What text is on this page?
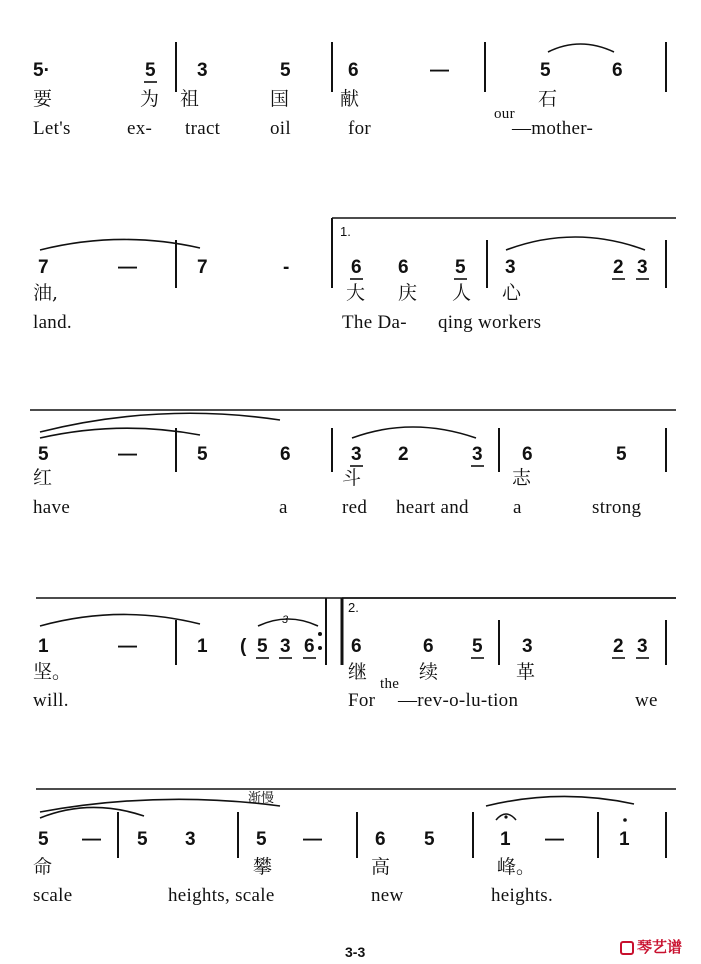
5·	5 3	5	6	—	5	6
7	—	7	-	6 6 5 3	2 3
5	—	5	6	3 2	3 6	5
1	—	1 ( 5 3 6 6	6 5 3	2 3
5 — 5 3	5 —	6 5	1 —	1
1.
2.
3
渐慢
要	为 祖	国	献	石
Let's	ex- tract	oil	for	—mother-
our
油,	大 庆 人 心
land.	The Da- qing workers
红	斗	志
have	a	red heart and a	strong
坚。	继	续	革
will.	For —rev-o-lu-tion	we
the
命	攀	高	峰。
scale	heights, scale	new	heights.
3-3	琴艺谱
